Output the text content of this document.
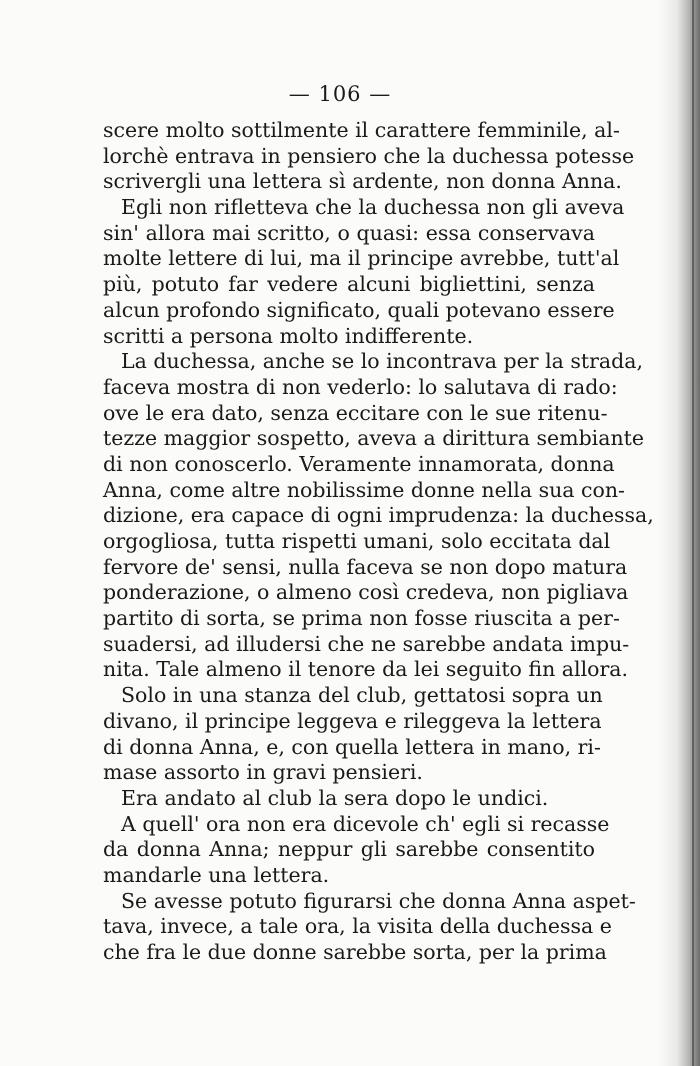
— 106 —
scere molto sottilmente il carattere femminile, al-
lorchè entrava in pensiero che la duchessa potesse
scrivergli una lettera sì ardente, non donna Anna.
Egli non rifletteva che la duchessa non gli aveva
sin' allora mai scritto, o quasi: essa conservava
molte lettere di lui, ma il principe avrebbe, tutt'al
più, potuto far vedere alcuni bigliettini, senza
alcun profondo significato, quali potevano essere
scritti a persona molto indifferente.
La duchessa, anche se lo incontrava per la strada,
faceva mostra di non vederlo: lo salutava di rado:
ove le era dato, senza eccitare con le sue ritenu-
tezze maggior sospetto, aveva a dirittura sembiante
di non conoscerlo. Veramente innamorata, donna
Anna, come altre nobilissime donne nella sua con-
dizione, era capace di ogni imprudenza: la duchessa,
orgogliosa, tutta rispetti umani, solo eccitata dal
fervore de' sensi, nulla faceva se non dopo matura
ponderazione, o almeno così credeva, non pigliava
partito di sorta, se prima non fosse riuscita a per-
suadersi, ad illudersi che ne sarebbe andata impu-
nita. Tale almeno il tenore da lei seguito fin allora.
Solo in una stanza del club, gettatosi sopra un
divano, il principe leggeva e rileggeva la lettera
di donna Anna, e, con quella lettera in mano, ri-
mase assorto in gravi pensieri.
Era andato al club la sera dopo le undici.
A quell' ora non era dicevole ch' egli si recasse
da donna Anna; neppur gli sarebbe consentito
mandarle una lettera.
Se avesse potuto figurarsi che donna Anna aspet-
tava, invece, a tale ora, la visita della duchessa e
che fra le due donne sarebbe sorta, per la prima
